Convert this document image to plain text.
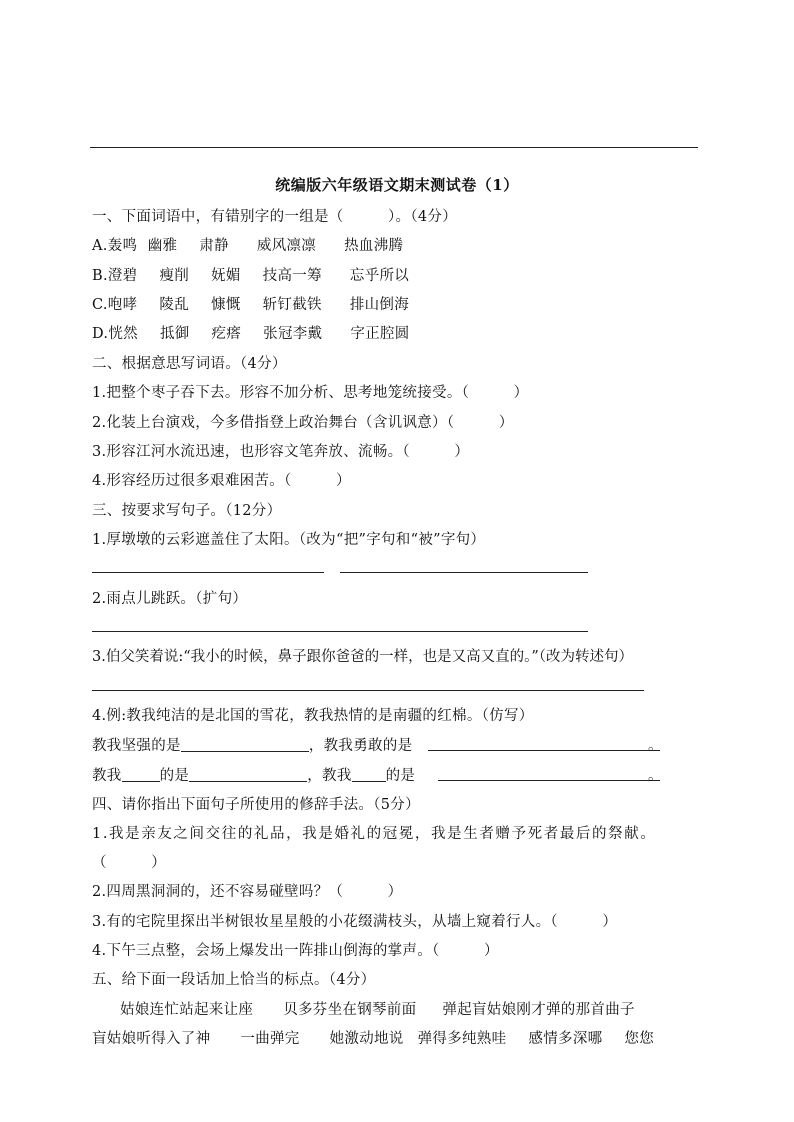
统编版六年级语文期末测试卷（1）
一、下面词语中，有错别字的一组是（　　　）。（4分）
A.轰鸣 幽雅 肃静 威风凛凛 热血沸腾
B.澄碧 瘦削 妩媚 技高一筹 忘乎所以
C.咆哮 陵乱 慷慨 斩钉截铁 排山倒海
D.恍然 抵御 疙瘩 张冠李戴 字正腔圆
二、根据意思写词语。（4分）
1.把整个枣子吞下去。形容不加分析、思考地笼统接受。（　　　）
2.化装上台演戏，今多借指登上政治舞台（含讥讽意）（　　　）
3.形容江河水流迅速，也形容文笔奔放、流畅。（　　　）
4.形容经历过很多艰难困苦。（　　　）
三、按要求写句子。（12分）
1.厚墩墩的云彩遮盖住了太阳。（改为“把”字句和“被”字句）
2.雨点儿跳跃。（扩句）
3.伯父笑着说:“我小的时候，鼻子跟你爸爸的一样，也是又高又直的。”（改为转述句）
4.例:教我纯洁的是北国的雪花，教我热情的是南疆的红棉。（仿写）
教我坚强的是	，教我勇敢的是	。
教我	的是	，教我 的是	。
四、请你指出下面句子所使用的修辞手法。（5分）
1.我是亲友之间交往的礼品，我是婚礼的冠冕，我是生者赠予死者最后的祭献。
（　　　）
2.四周黑洞洞的，还不容易碰壁吗？（　　　）
3.有的宅院里探出半树银妆星星般的小花缀满枝头，从墙上窥着行人。（　　　）
4.下午三点整，会场上爆发出一阵排山倒海的掌声。（　　　）
五、给下面一段话加上恰当的标点。（4分）
姑娘连忙站起来让座 贝多芬坐在钢琴前面 弹起盲姑娘刚才弹的那首曲子
盲姑娘听得入了神 一曲弹完 她激动地说 弹得多纯熟哇 感情多深哪 您您
